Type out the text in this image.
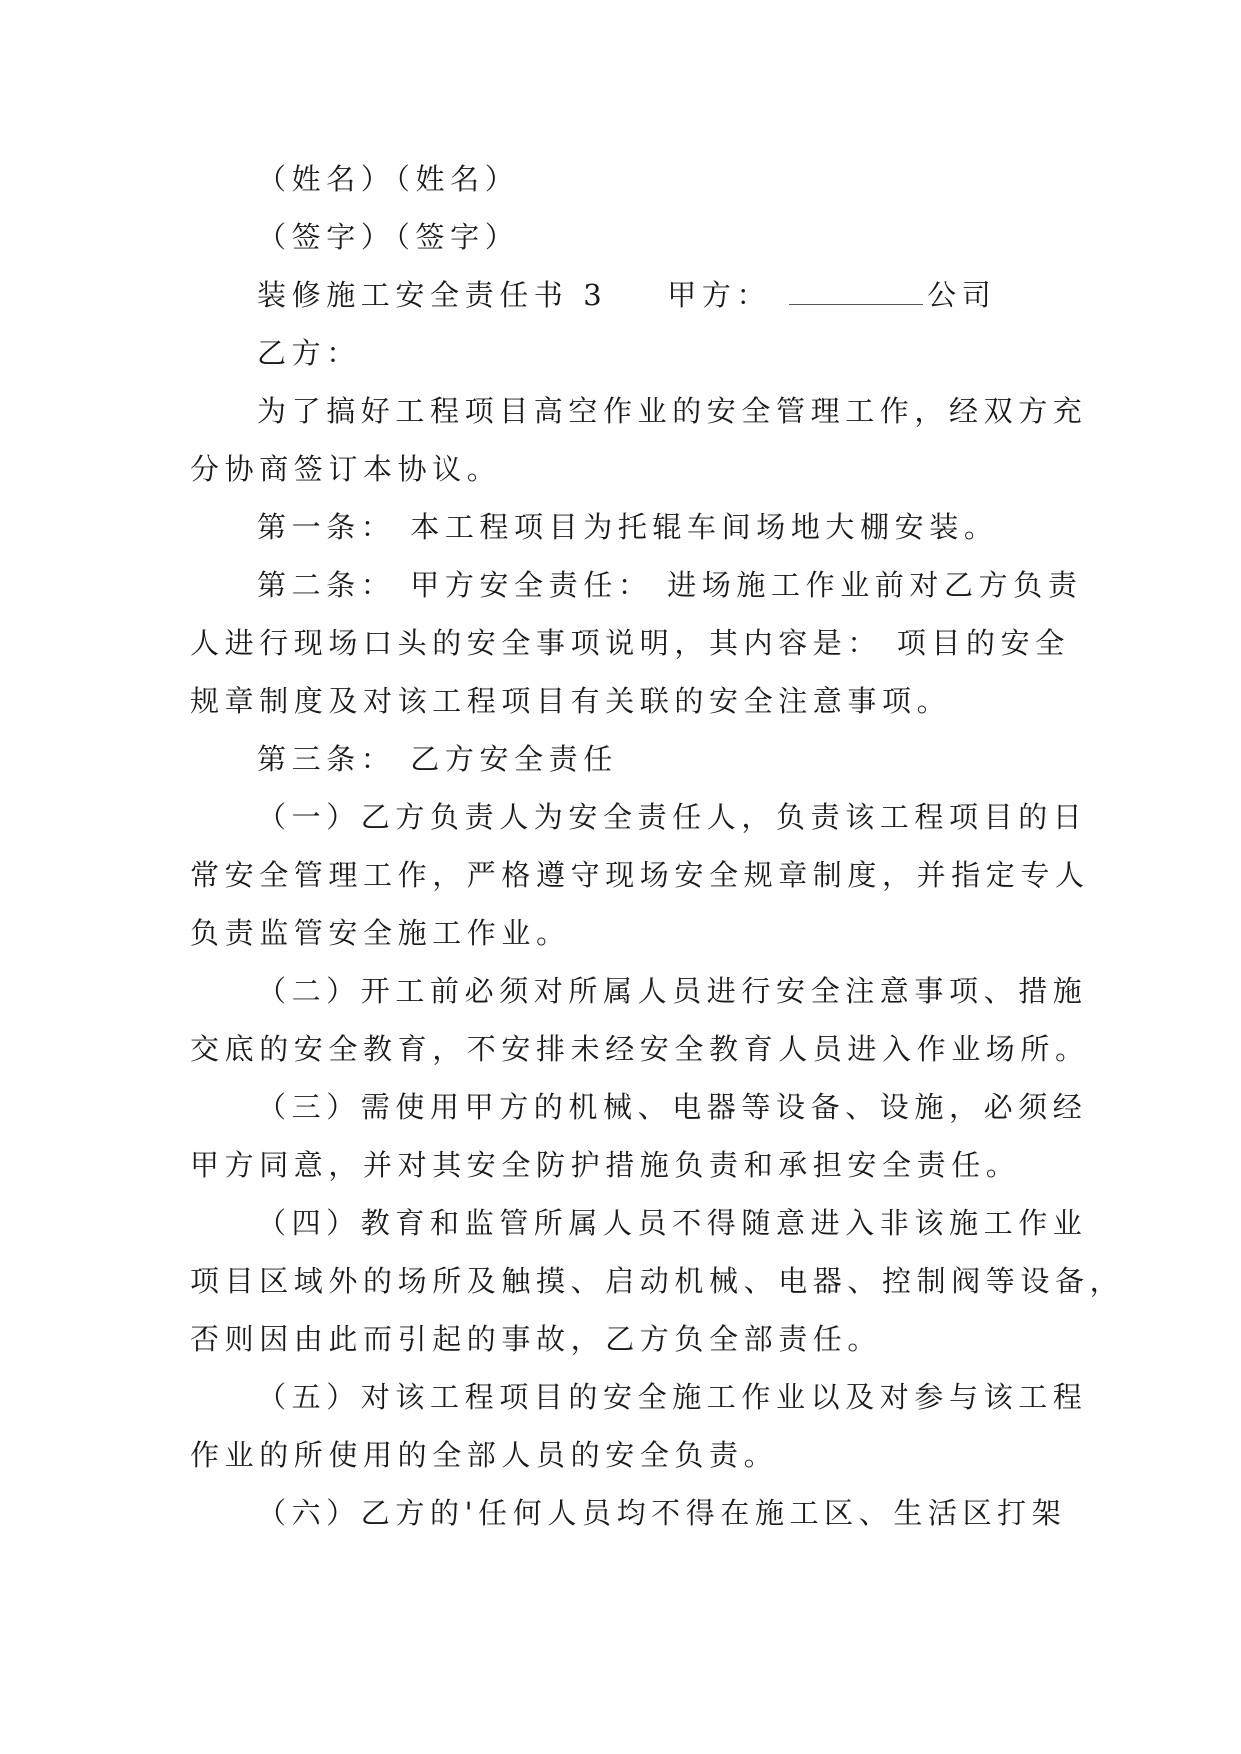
（姓名）（姓名）
（签字）（签字）
装修施工安全责任书 3 甲方：	公司
乙方：
为了搞好工程项目高空作业的安全管理工作，经双方充
分协商签订本协议。
第一条： 本工程项目为托辊车间场地大棚安装。
第二条： 甲方安全责任： 进场施工作业前对乙方负责
人进行现场口头的安全事项说明，其内容是： 项目的安全
规章制度及对该工程项目有关联的安全注意事项。
第三条： 乙方安全责任
（一）乙方负责人为安全责任人，负责该工程项目的日
常安全管理工作，严格遵守现场安全规章制度，并指定专人
负责监管安全施工作业。
（二）开工前必须对所属人员进行安全注意事项、措施
交底的安全教育，不安排未经安全教育人员进入作业场所。
（三）需使用甲方的机械、电器等设备、设施，必须经
甲方同意，并对其安全防护措施负责和承担安全责任。
（四）教育和监管所属人员不得随意进入非该施工作业
项目区域外的场所及触摸、启动机械、电器、控制阀等设备，
否则因由此而引起的事故，乙方负全部责任。
（五）对该工程项目的安全施工作业以及对参与该工程
作业的所使用的全部人员的安全负责。
（六）乙方的'任何人员均不得在施工区、生活区打架
